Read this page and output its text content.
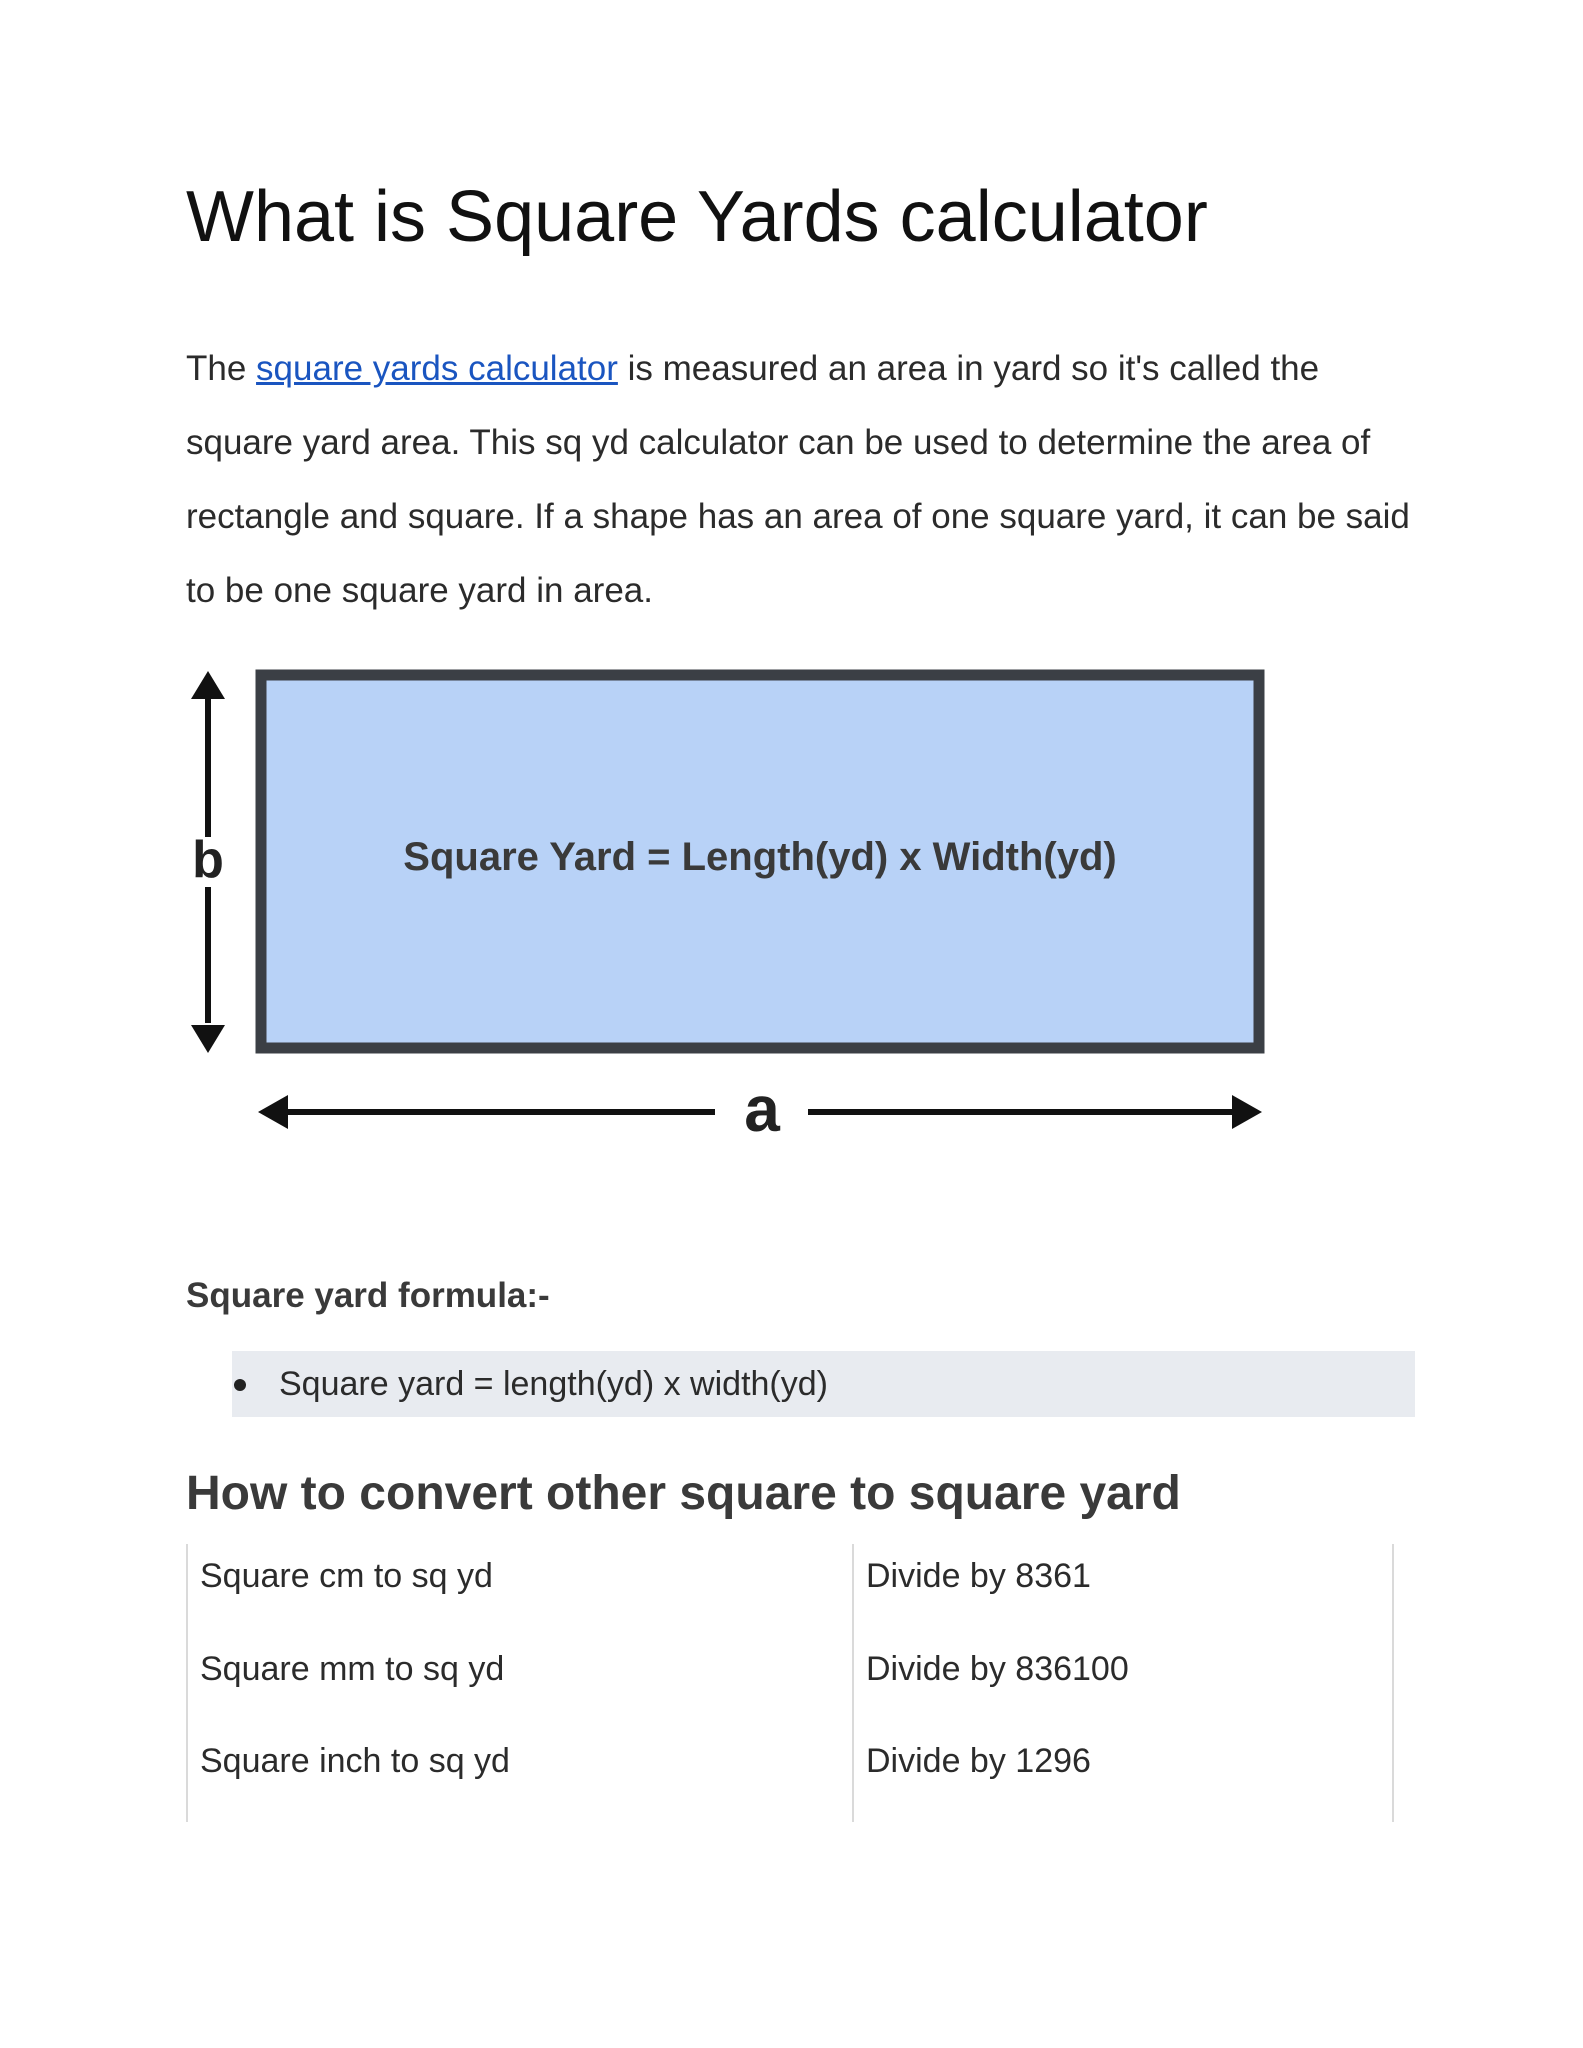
What is Square Yards calculator

The square yards calculator is measured an area in yard so it's called the square yard area. This sq yd calculator can be used to determine the area of rectangle and square. If a shape has an area of one square yard, it can be said to be one square yard in area.

b	Square Yard = Length(yd) x Width(yd)
a
Square yard formula:-
Square yard = length(yd) x width(yd)
How to convert other square to square yard
Square cm to sq yd	Divide by 8361
Square mm to sq yd	Divide by 836100
Square inch to sq yd	Divide by 1296
